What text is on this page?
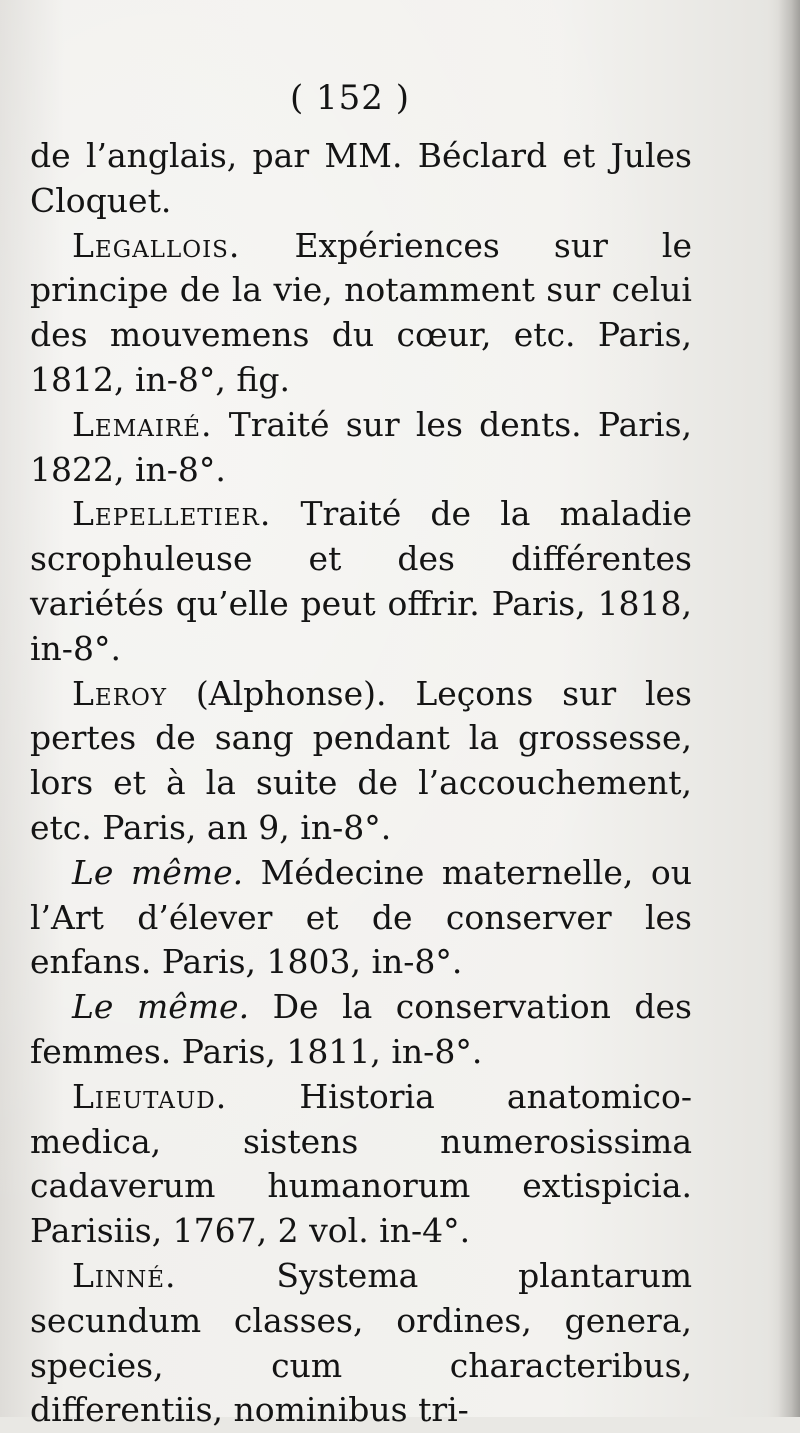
( 152 )

de l’anglais, par MM. Béclard et Jules Cloquet.

Legallois. Expériences sur le principe de la vie, notamment sur celui des mouvemens du cœur, etc. Paris, 1812, in-8°, fig.

Lemairé. Traité sur les dents. Paris, 1822, in-8°.

Lepelletier. Traité de la maladie scrophuleuse et des différentes variétés qu’elle peut offrir. Paris, 1818, in-8°.

Leroy (Alphonse). Leçons sur les pertes de sang pendant la grossesse, lors et à la suite de l’accouchement, etc. Paris, an 9, in-8°.

Le même. Médecine maternelle, ou l’Art d’élever et de conserver les enfans. Paris, 1803, in-8°.

Le même. De la conservation des femmes. Paris, 1811, in-8°.

Lieutaud. Historia anatomico-medica, sistens numerosissima cadaverum humanorum extispicia. Parisiis, 1767, 2 vol. in-4°.

Linné. Systema plantarum secundum classes, ordines, genera, species, cum characteribus, differentiis, nominibus tri-
